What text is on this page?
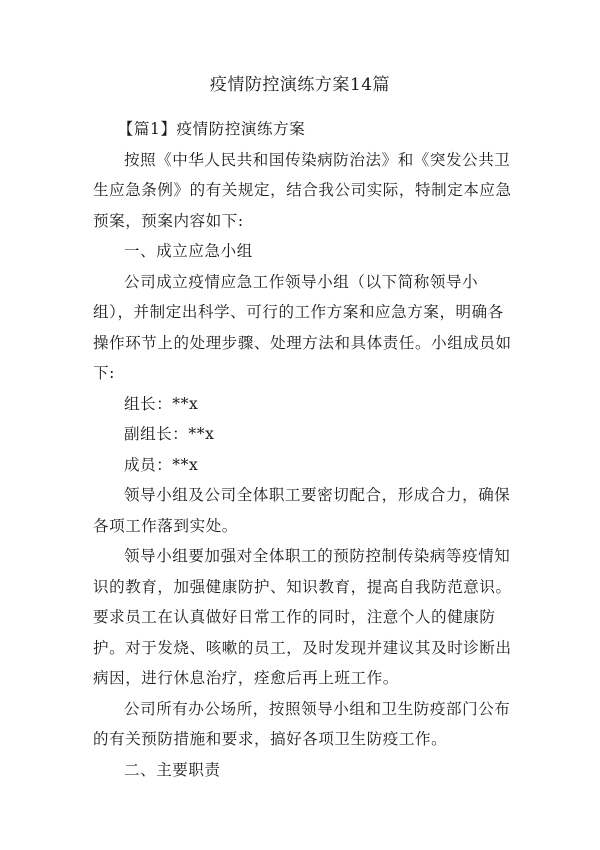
疫情防控演练方案14篇

【篇1】疫情防控演练方案

按照《中华人民共和国传染病防治法》和《突发公共卫生应急条例》的有关规定，结合我公司实际，特制定本应急预案，预案内容如下:

一、成立应急小组

公司成立疫情应急工作领导小组（以下简称领导小组），并制定出科学、可行的工作方案和应急方案，明确各操作环节上的处理步骤、处理方法和具体责任。小组成员如下:

组长：**x

副组长：**x

成员：**x

领导小组及公司全体职工要密切配合，形成合力，确保各项工作落到实处。

领导小组要加强对全体职工的预防控制传染病等疫情知识的教育，加强健康防护、知识教育，提高自我防范意识。要求员工在认真做好日常工作的同时，注意个人的健康防护。对于发烧、咳嗽的员工，及时发现并建议其及时诊断出病因，进行休息治疗，痊愈后再上班工作。

公司所有办公场所，按照领导小组和卫生防疫部门公布的有关预防措施和要求，搞好各项卫生防疫工作。

二、主要职责
